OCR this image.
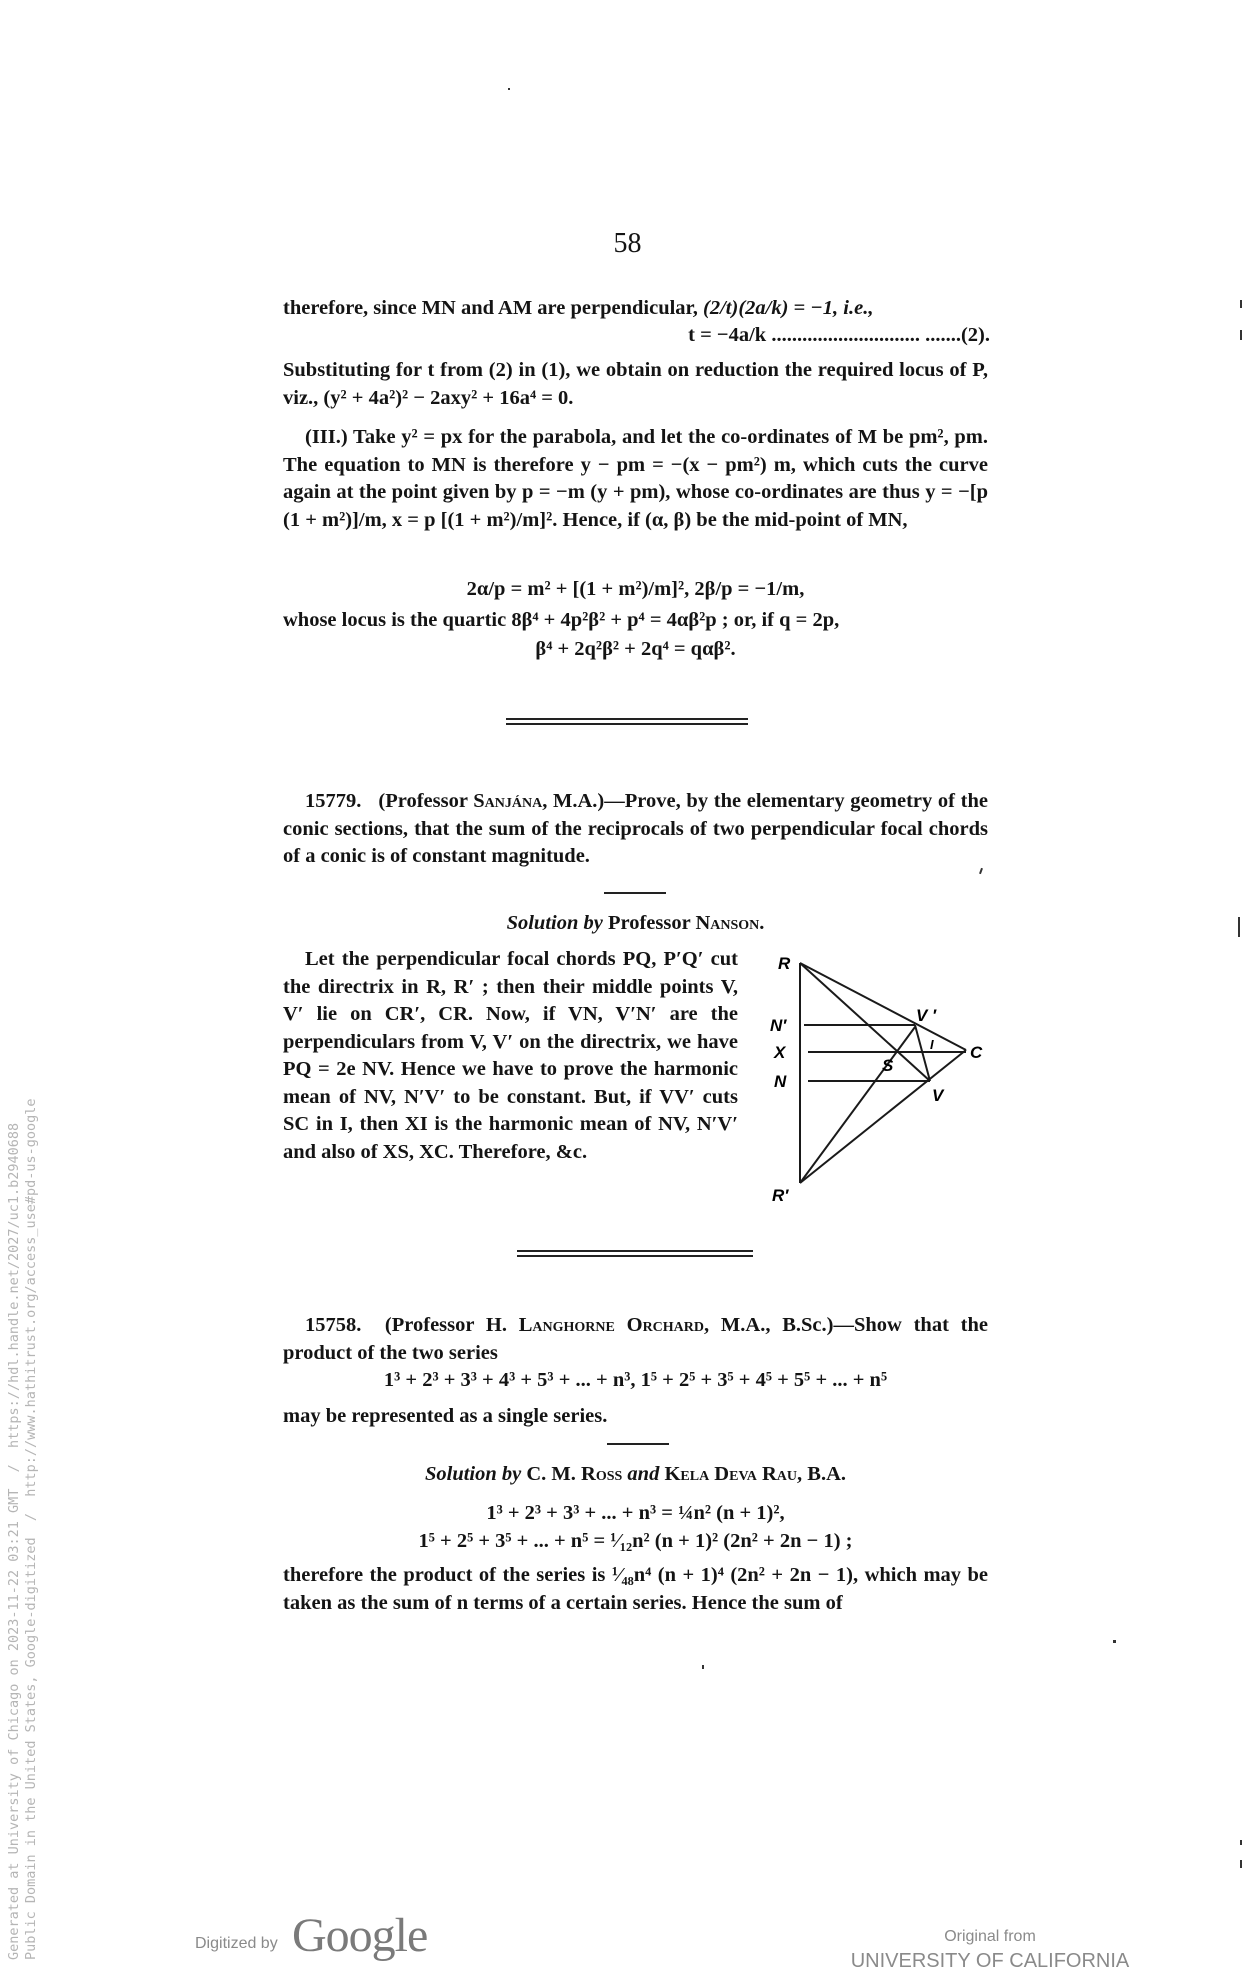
58
therefore, since MN and AM are perpendicular, (2/t)(2a/k) = −1, i.e.,
t = −4a/k ............................. .......(2).
Substituting for t from (2) in (1), we obtain on reduction the required locus of P, viz., (y² + 4a²)² − 2axy² + 16a⁴ = 0.
(III.) Take y² = px for the parabola, and let the co-ordinates of M be pm², pm. The equation to MN is therefore y − pm = −(x − pm²) m, which cuts the curve again at the point given by p = −m (y + pm), whose co-ordinates are thus y = −[p (1 + m²)]/m, x = p [(1 + m²)/m]². Hence, if (α, β) be the mid-point of MN,
2α/p = m² + [(1 + m²)/m]², 2β/p = −1/m,
whose locus is the quartic 8β⁴ + 4p²β² + p⁴ = 4αβ²p ; or, if q = 2p,
β⁴ + 2q²β² + 2q⁴ = qαβ².
15779. (Professor Sanjána, M.A.)—Prove, by the elementary geometry of the conic sections, that the sum of the reciprocals of two perpendicular focal chords of a conic is of constant magnitude.
Solution by Professor Nanson.
Let the perpendicular focal chords PQ, P′Q′ cut the directrix in R, R′ ; then their middle points V, V′ lie on CR′, CR. Now, if VN, V′N′ are the perpendiculars from V, V′ on the directrix, we have PQ = 2e NV. Hence we have to prove the harmonic mean of NV, N′V′ to be constant. But, if VV′ cuts SC in I, then XI is the harmonic mean of NV, N′V′ and also of XS, XC. Therefore, &c.
R
N′
X
N
R′
V ′
V
S
I C
15758. (Professor H. Langhorne Orchard, M.A., B.Sc.)—Show that the product of the two series
1³ + 2³ + 3³ + 4³ + 5³ + ... + n³, 1⁵ + 2⁵ + 3⁵ + 4⁵ + 5⁵ + ... + n⁵
may be represented as a single series.
Solution by C. M. Ross and Kela Deva Rau, B.A.
1³ + 2³ + 3³ + ... + n³ = ¼n² (n + 1)²,
1⁵ + 2⁵ + 3⁵ + ... + n⁵ = ¹⁄₁₂n² (n + 1)² (2n² + 2n − 1) ;
therefore the product of the series is ¹⁄₄₈n⁴ (n + 1)⁴ (2n² + 2n − 1), which may be taken as the sum of n terms of a certain series. Hence the sum of
Generated at University of Chicago on 2023-11-22 03:21 GMT  /  https://hdl.handle.net/2027/uc1.b2940688
Public Domain in the United States, Google-digitized  /  http://www.hathitrust.org/access_use#pd-us-google	Digitized by Google	Original from
UNIVERSITY OF CALIFORNIA
